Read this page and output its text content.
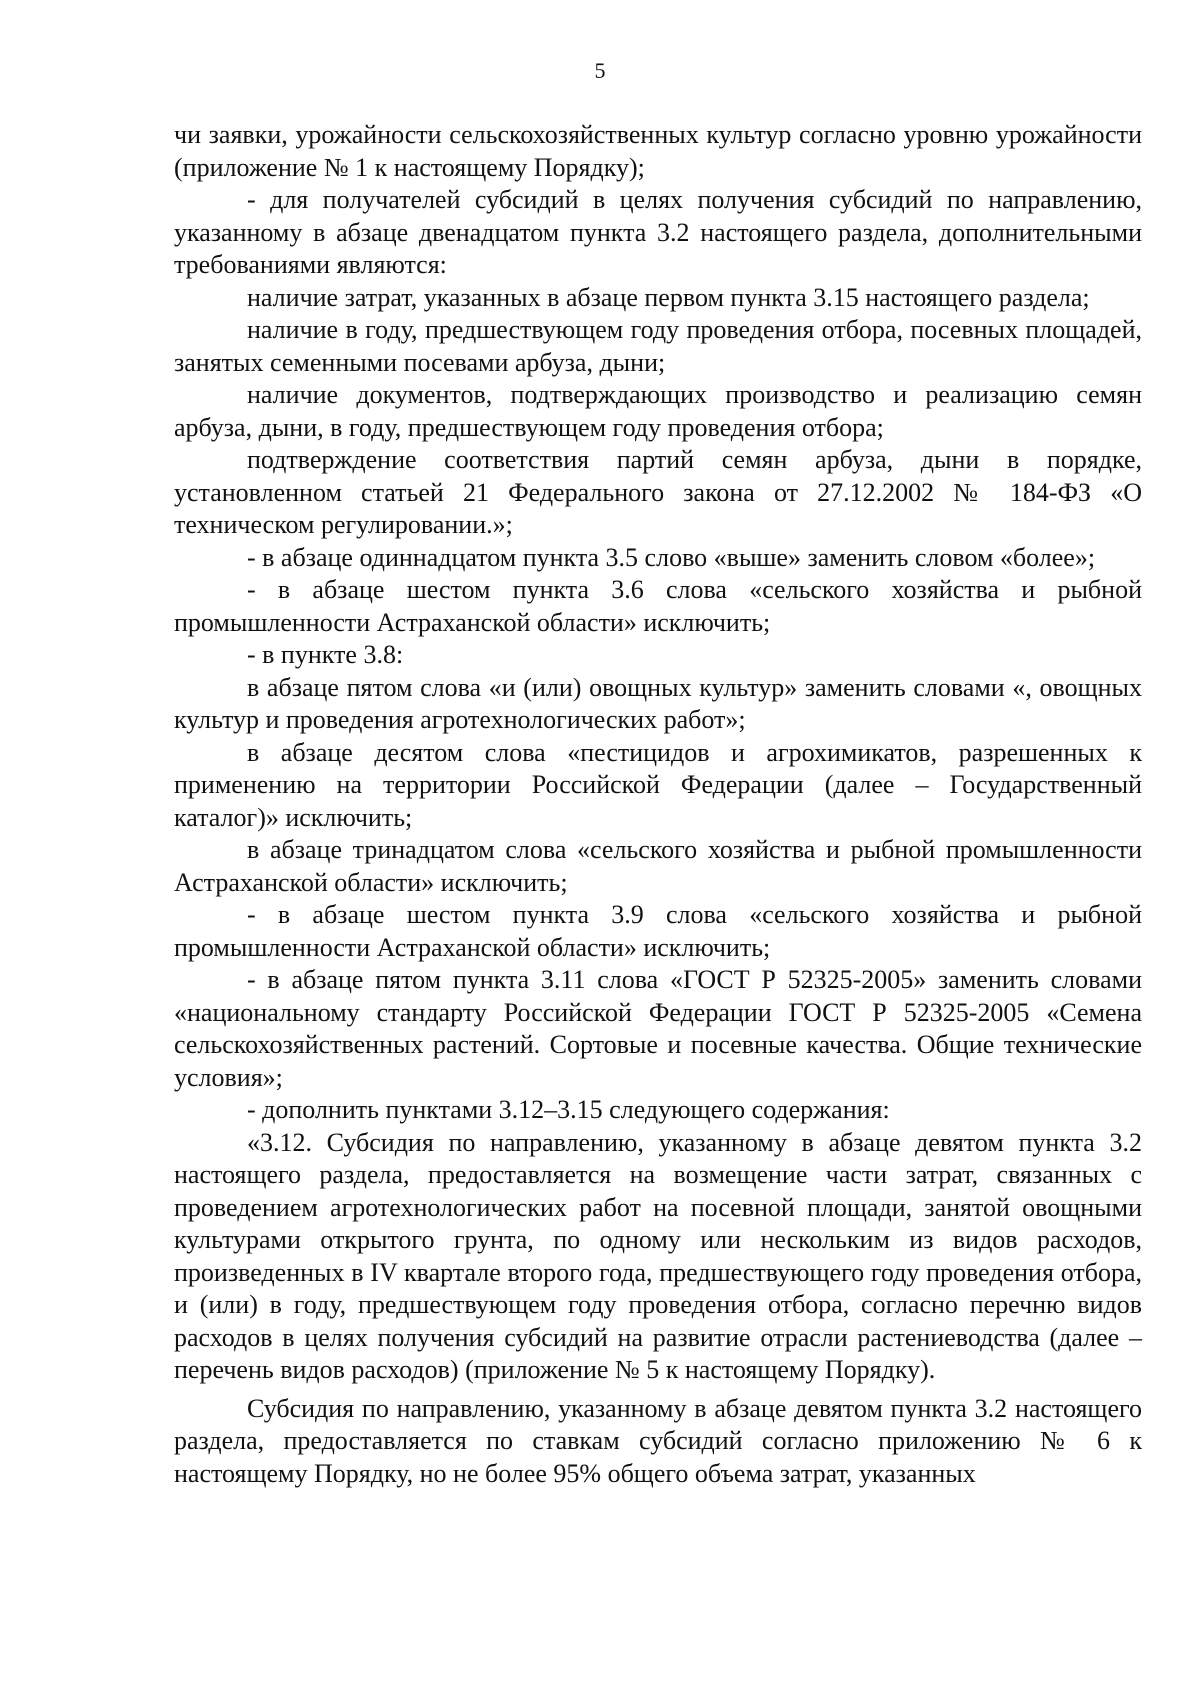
5

чи заявки, урожайности сельскохозяйственных культур согласно уровню урожайности (приложение № 1 к настоящему Порядку);

- для получателей субсидий в целях получения субсидий по направлению, указанному в абзаце двенадцатом пункта 3.2 настоящего раздела, дополнительными требованиями являются:

наличие затрат, указанных в абзаце первом пункта 3.15 настоящего раздела;

наличие в году, предшествующем году проведения отбора, посевных площадей, занятых семенными посевами арбуза, дыни;

наличие документов, подтверждающих производство и реализацию семян арбуза, дыни, в году, предшествующем году проведения отбора;

подтверждение соответствия партий семян арбуза, дыни в порядке, установленном статьей 21 Федерального закона от 27.12.2002 № 184-ФЗ «О техническом регулировании.»;

- в абзаце одиннадцатом пункта 3.5 слово «выше» заменить словом «более»;

- в абзаце шестом пункта 3.6 слова «сельского хозяйства и рыбной промышленности Астраханской области» исключить;

- в пункте 3.8:

в абзаце пятом слова «и (или) овощных культур» заменить словами «, овощных культур и проведения агротехнологических работ»;

в абзаце десятом слова «пестицидов и агрохимикатов, разрешенных к применению на территории Российской Федерации (далее – Государственный каталог)» исключить;

в абзаце тринадцатом слова «сельского хозяйства и рыбной промышленности Астраханской области» исключить;

- в абзаце шестом пункта 3.9 слова «сельского хозяйства и рыбной промышленности Астраханской области» исключить;

- в абзаце пятом пункта 3.11 слова «ГОСТ Р 52325-2005» заменить словами «национальному стандарту Российской Федерации ГОСТ Р 52325-2005 «Семена сельскохозяйственных растений. Сортовые и посевные качества. Общие технические условия»;

- дополнить пунктами 3.12–3.15 следующего содержания:

«3.12. Субсидия по направлению, указанному в абзаце девятом пункта 3.2 настоящего раздела, предоставляется на возмещение части затрат, связанных с проведением агротехнологических работ на посевной площади, занятой овощными культурами открытого грунта, по одному или нескольким из видов расходов, произведенных в IV квартале второго года, предшествующего году проведения отбора, и (или) в году, предшествующем году проведения отбора, согласно перечню видов расходов в целях получения субсидий на развитие отрасли растениеводства (далее – перечень видов расходов) (приложение № 5 к настоящему Порядку).

Субсидия по направлению, указанному в абзаце девятом пункта 3.2 настоящего раздела, предоставляется по ставкам субсидий согласно приложению № 6 к настоящему Порядку, но не более 95% общего объема затрат, указанных
